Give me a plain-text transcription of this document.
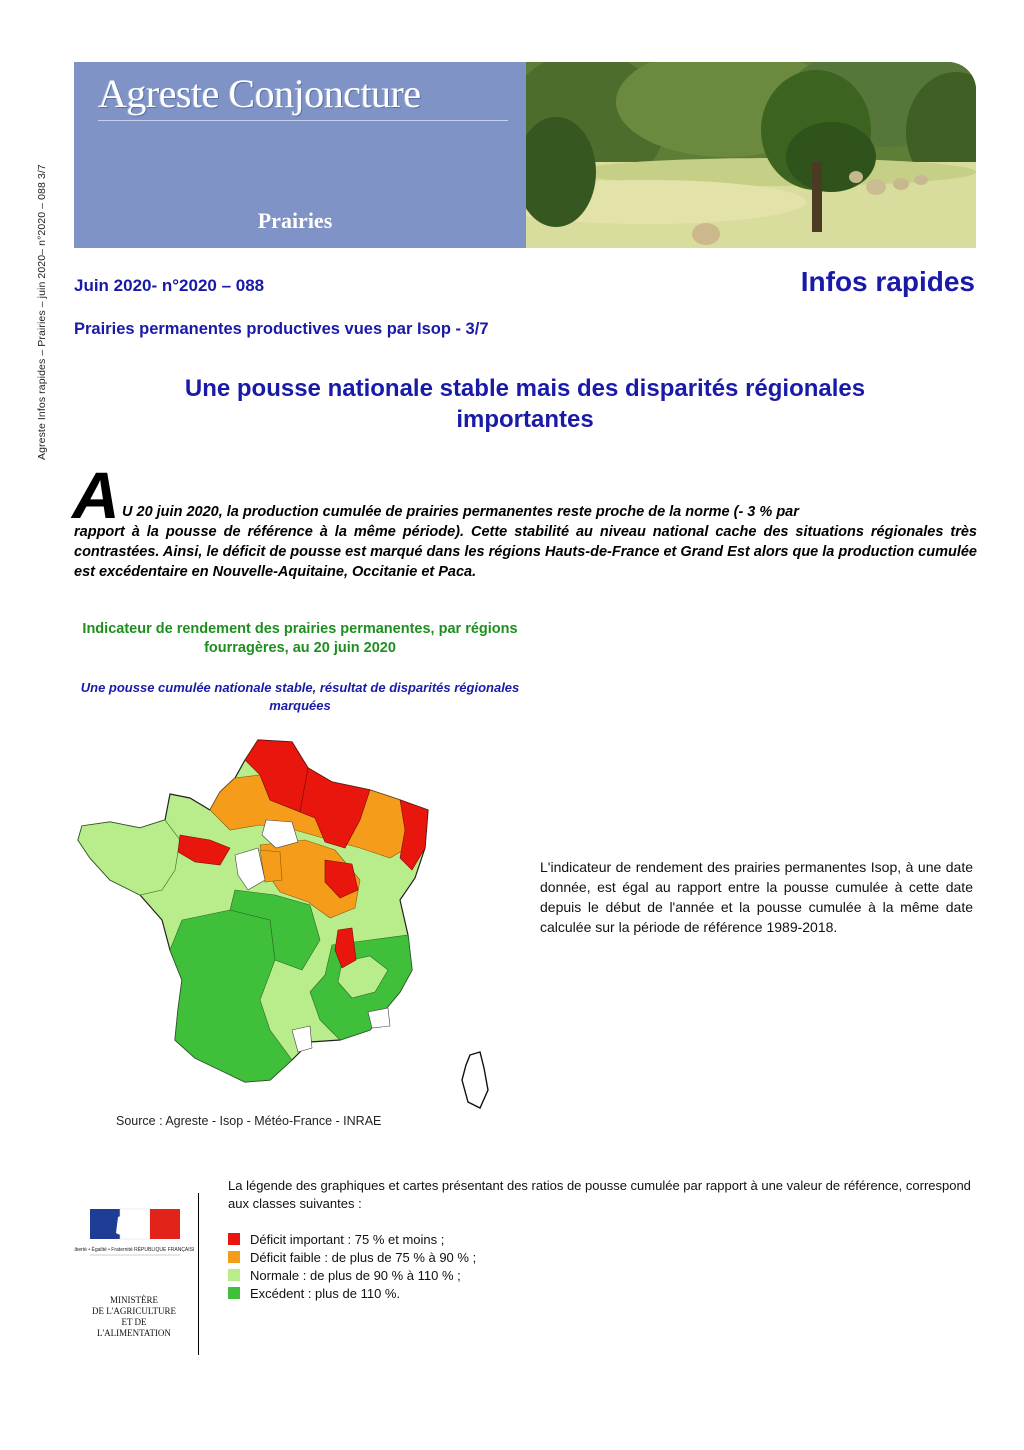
Agreste Infos rapides – Prairies – juin 2020– n°2020 – 088 3/7
Agreste Conjoncture
Prairies
Juin 2020- n°2020 – 088	Infos rapides
Prairies permanentes productives vues par Isop - 3/7
Une pousse nationale stable mais des disparités régionales importantes
A U 20 juin 2020, la production cumulée de prairies permanentes reste proche de la norme (- 3 % par
rapport à la pousse de référence à la même période). Cette stabilité au niveau national cache des situations régionales très contrastées. Ainsi, le déficit de pousse est marqué dans les régions Hauts-de-France et Grand Est alors que la production cumulée est excédentaire en Nouvelle-Aquitaine, Occitanie et Paca.
Indicateur de rendement des prairies permanentes, par régions fourragères, au 20 juin 2020
Une pousse cumulée nationale stable, résultat de disparités régionales marquées
Source : Agreste - Isop - Météo-France - INRAE
L'indicateur de rendement des prairies permanentes Isop, à une date donnée, est égal au rapport entre la pousse cumulée à cette date depuis le début de l'année et la pousse cumulée à la même date calculée sur la période de référence 1989-2018.
Liberté • Égalité • Fraternité RÉPUBLIQUE FRANÇAISE
MINISTÈRE
DE L'AGRICULTURE
ET DE
L'ALIMENTATION
La légende des graphiques et cartes présentant des ratios de pousse cumulée par rapport à une valeur de référence, correspond aux classes suivantes :
Déficit important : 75 % et moins ;
Déficit faible : de plus de 75 % à 90 % ;
Normale : de plus de 90 % à 110 % ;
Excédent : plus de 110 %.
